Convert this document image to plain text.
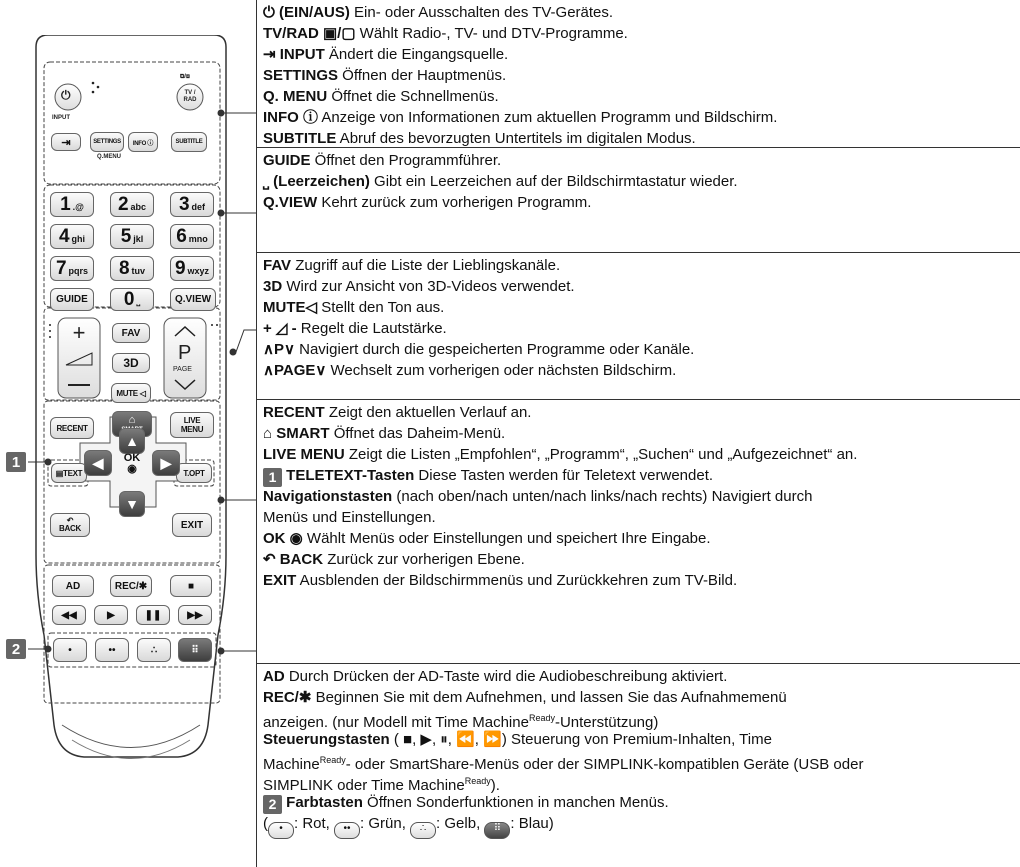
+
⏻
⧉/⧈
TV / RAD
INPUT
⇥	SETTINGS	INFO ⓘ	SUBTITLE
Q.MENU
GUIDE	$0_⎵$	Q.VIEW
FAV
3D
MUTE ◁
P
PAGE
RECENT
⌂	LIVE
MENU
▤TEXT	T.OPT
▲
▼
◀	▶
OK
◉
↶
BACK	EXIT
AD	REC/✱	■
◀◀	▶	❚❚	▶▶
•	••	∴	⠿
$1_{.@}$ $2_{abc}$ $3_{def}$
$4_{ghi}$ $5_{jkl}$ $6_{mno}$
$7_{pqrs}$ $8_{tuv}$ $9_{wxyz}$
1
2
⏻ (EIN/AUS) Ein- oder Ausschalten des TV-Gerätes.
TV/RAD ▣/▢ Wählt Radio-, TV- und DTV-Programme.
⇥ INPUT Ändert die Eingangsquelle.
SETTINGS Öffnen der Hauptmenüs.
Q. MENU Öffnet die Schnellmenüs.
INFO ⓘ Anzeige von Informationen zum aktuellen Programm und Bildschirm.
SUBTITLE Abruf des bevorzugten Untertitels im digitalen Modus.
GUIDE Öffnet den Programmführer.
⎵ (Leerzeichen) Gibt ein Leerzeichen auf der Bildschirmtastatur wieder.
Q.VIEW Kehrt zurück zum vorherigen Programm.
FAV Zugriff auf die Liste der Lieblingskanäle.
3D Wird zur Ansicht von 3D-Videos verwendet.
MUTE◁ Stellt den Ton aus.
+ ◿ - Regelt die Lautstärke.
∧P∨ Navigiert durch die gespeicherten Programme oder Kanäle.
∧PAGE∨ Wechselt zum vorherigen oder nächsten Bildschirm.
RECENT Zeigt den aktuellen Verlauf an.
⌂ SMART Öffnet das Daheim-Menü.
LIVE MENU Zeigt die Listen „Empfohlen“, „Programm“, „Suchen“ und „Aufgezeichnet“ an.
1 TELETEXT-Tasten Diese Tasten werden für Teletext verwendet.
Navigationstasten (nach oben/nach unten/nach links/nach rechts) Navigiert durch
Menüs und Einstellungen.
OK ◉ Wählt Menüs oder Einstellungen und speichert Ihre Eingabe.
↶ BACK Zurück zur vorherigen Ebene.
EXIT Ausblenden der Bildschirmmenüs und Zurückkehren zum TV-Bild.
AD Durch Drücken der AD-Taste wird die Audiobeschreibung aktiviert.
REC/✱ Beginnen Sie mit dem Aufnehmen, und lassen Sie das Aufnahmemenü
anzeigen. (nur Modell mit Time Machine$^{Ready}$-Unterstützung)
Steuerungstasten ( ■, ▶, ⏸, ⏪, ⏩) Steuerung von Premium-Inhalten, Time
Machine$^{Ready}$- oder SmartShare-Menüs oder der SIMPLINK-kompatiblen Geräte (USB oder
SIMPLINK oder Time Machine$^{Ready}$).
2 Farbtasten Öffnen Sonderfunktionen in manchen Menüs.
( • : Rot, •• : Grün, ∴ : Gelb, ⠿ : Blau)
